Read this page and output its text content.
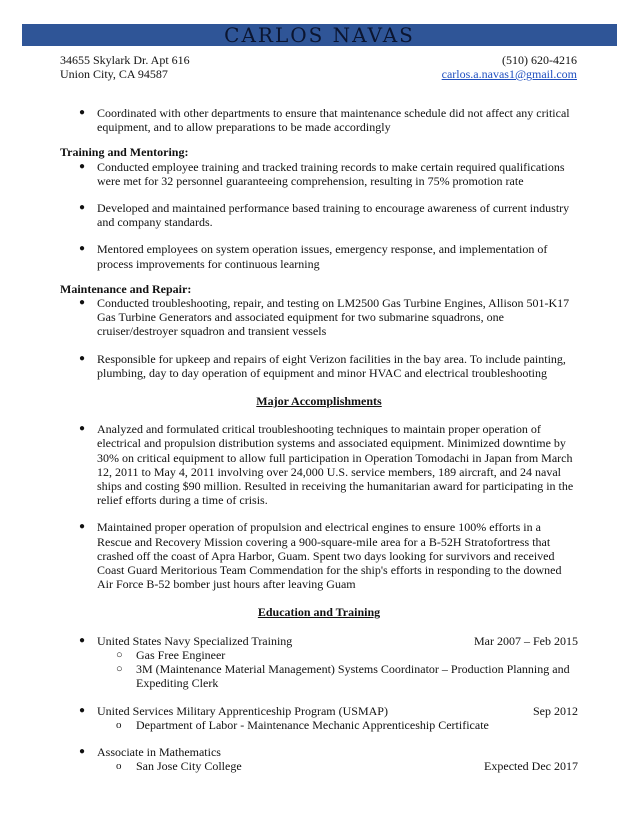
CARLOS NAVAS
34655 Skylark Dr. Apt 616	(510) 620-4216
Union City, CA 94587	carlos.a.navas1@gmail.com
● Coordinated with other departments to ensure that maintenance schedule did not affect any critical equipment, and to allow preparations to be made accordingly
Training and Mentoring:
● Conducted employee training and tracked training records to make certain required qualifications were met for 32 personnel guaranteeing comprehension, resulting in 75% promotion rate
● Developed and maintained performance based training to encourage awareness of current industry and company standards.
● Mentored employees on system operation issues, emergency response, and implementation of process improvements for continuous learning
Maintenance and Repair:
● Conducted troubleshooting, repair, and testing on LM2500 Gas Turbine Engines, Allison 501-K17 Gas Turbine Generators and associated equipment for two submarine squadrons, one cruiser/destroyer squadron and transient vessels
● Responsible for upkeep and repairs of eight Verizon facilities in the bay area. To include painting, plumbing, day to day operation of equipment and minor HVAC and electrical troubleshooting
Major Accomplishments
● Analyzed and formulated critical troubleshooting techniques to maintain proper operation of electrical and propulsion distribution systems and associated equipment. Minimized downtime by 30% on critical equipment to allow full participation in Operation Tomodachi in Japan from March 12, 2011 to May 4, 2011 involving over 24,000 U.S. service members, 189 aircraft, and 24 naval ships and costing $90 million. Resulted in receiving the humanitarian award for participating in the relief efforts during a time of crisis.
● Maintained proper operation of propulsion and electrical engines to ensure 100% efforts in a Rescue and Recovery Mission covering a 900-square-mile area for a B-52H Stratofortress that crashed off the coast of Apra Harbor, Guam. Spent two days looking for survivors and received Coast Guard Meritorious Team Commendation for the ship's efforts in responding to the downed Air Force B-52 bomber just hours after leaving Guam
Education and Training
● United States Navy Specialized Training	Mar 2007 – Feb 2015
○ Gas Free Engineer
○ 3M (Maintenance Material Management) Systems Coordinator – Production Planning and Expediting Clerk
● United Services Military Apprenticeship Program (USMAP)	Sep 2012
o Department of Labor - Maintenance Mechanic Apprenticeship Certificate
● Associate in Mathematics
o San Jose City College	Expected Dec 2017
